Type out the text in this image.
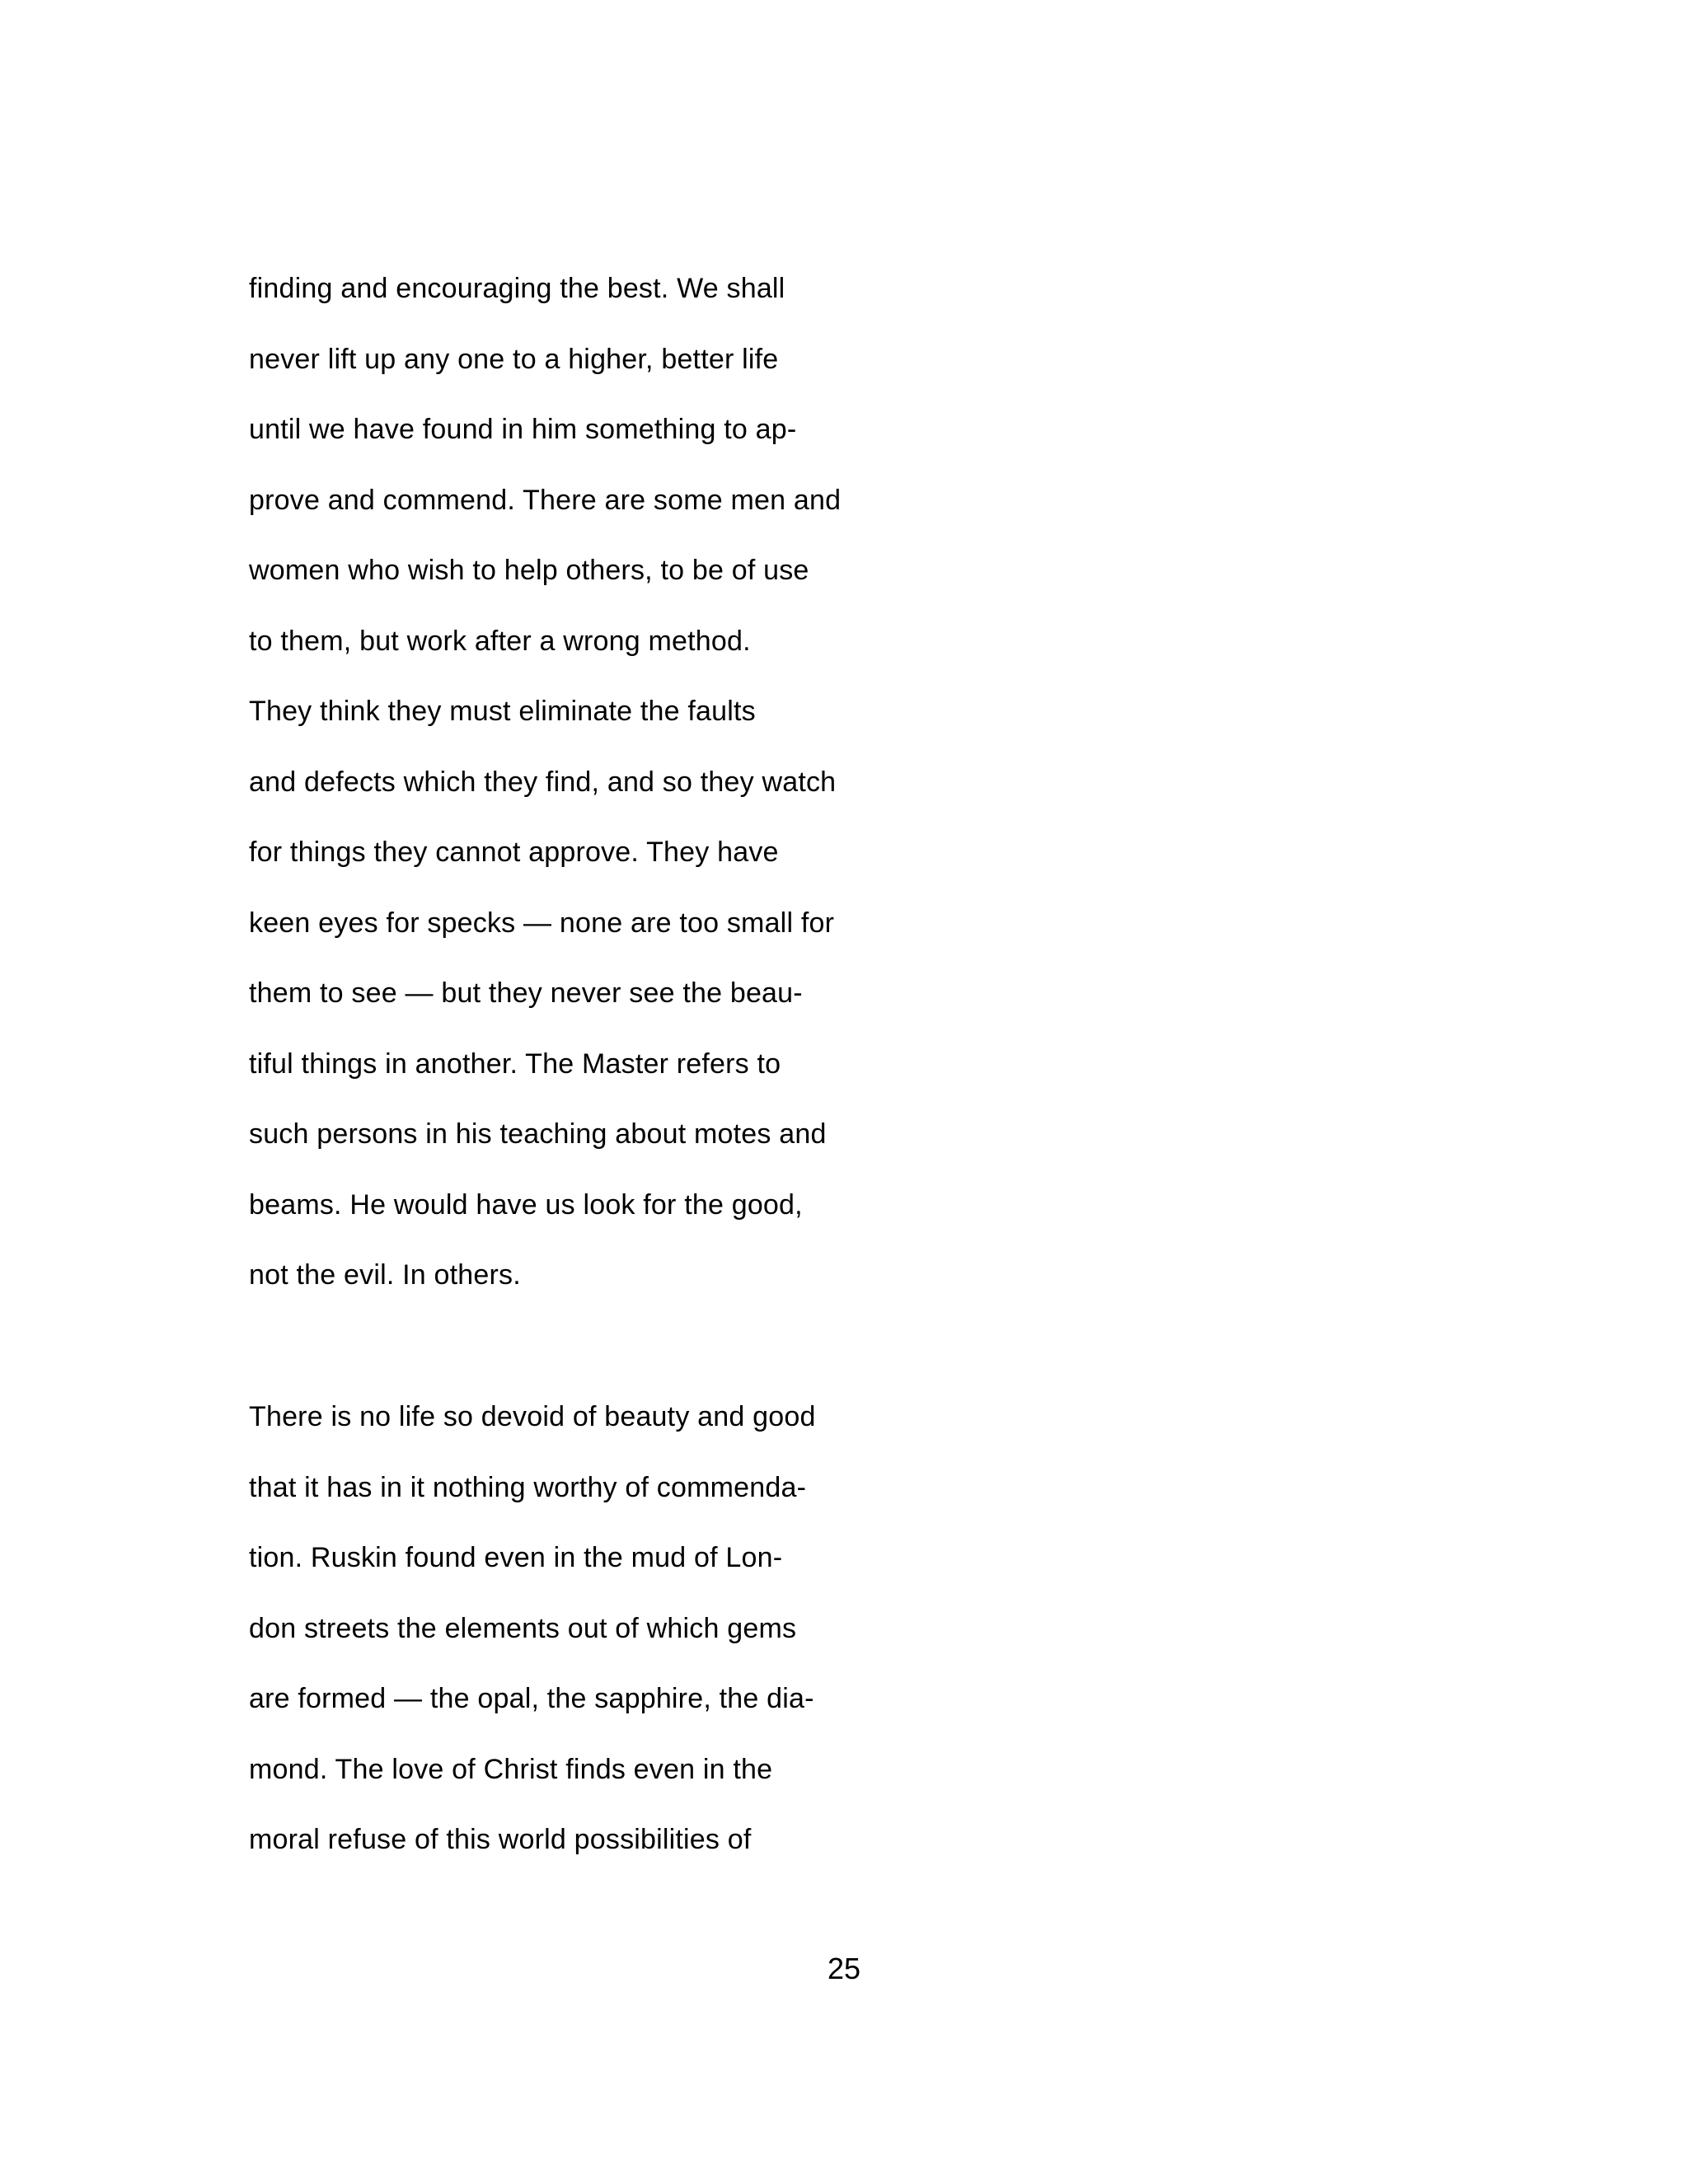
finding and encouraging the best. We shall
never lift up any one to a higher, better life
until we have found in him something to ap-
prove and commend. There are some men and
women who wish to help others, to be of use
to them, but work after a wrong method.
They think they must eliminate the faults
and defects which they find, and so they watch
for things they cannot approve. They have
keen eyes for specks — none are too small for
them to see — but they never see the beau-
tiful things in another. The Master refers to
such persons in his teaching about motes and
beams. He would have us look for the good,
not the evil. In others.
There is no life so devoid of beauty and good
that it has in it nothing worthy of commenda-
tion. Ruskin found even in the mud of Lon-
don streets the elements out of which gems
are formed — the opal, the sapphire, the dia-
mond. The love of Christ finds even in the
moral refuse of this world possibilities of
25
